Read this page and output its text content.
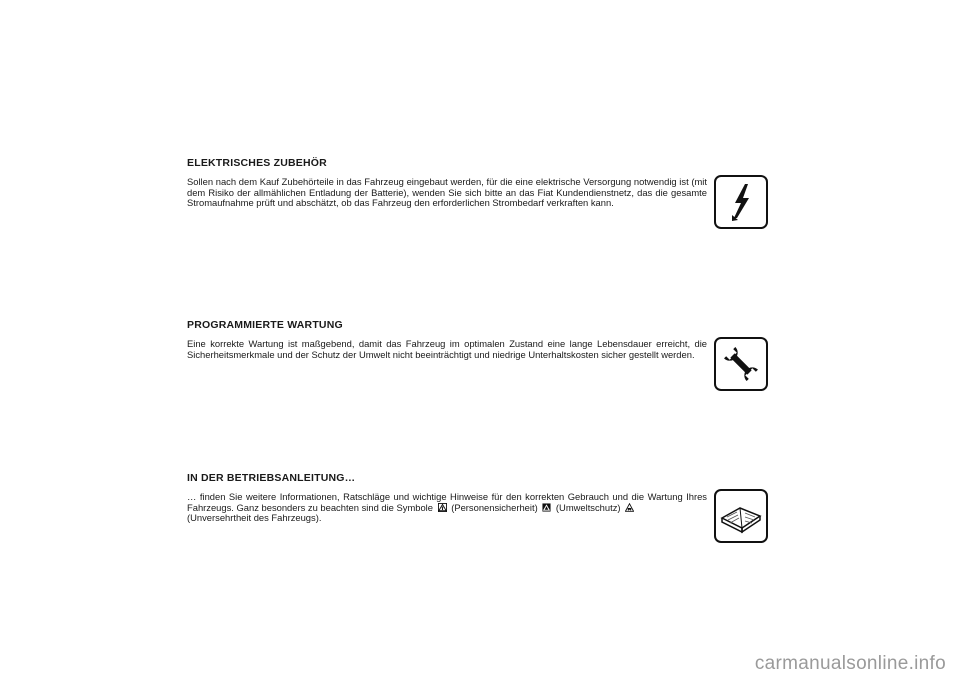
ELEKTRISCHES ZUBEHÖR

Sollen nach dem Kauf Zubehörteile in das Fahrzeug eingebaut werden, für die eine elektrische Versorgung notwendig ist (mit dem Risiko der allmählichen Entladung der Batterie), wenden Sie sich bitte an das Fiat Kundendienstnetz, das die gesamte Stromaufnahme prüft und abschätzt, ob das Fahrzeug den erforderlichen Strombedarf verkraften kann.

PROGRAMMIERTE WARTUNG

Eine korrekte Wartung ist maßgebend, damit das Fahrzeug im optimalen Zustand eine lange Lebensdauer erreicht, die Sicherheitsmerkmale und der Schutz der Umwelt nicht beeinträchtigt und niedrige Unterhaltskosten sicher gestellt werden.

IN DER BETRIEBSANLEITUNG…

… finden Sie weitere Informationen, Ratschläge und wichtige Hinweise für den korrekten Gebrauch und die Wartung Ihres Fahrzeugs. Ganz besonders zu beachten sind die Symbole (Personensicherheit) (Umweltschutz)
(Unversehrtheit des Fahrzeugs).

carmanualsonline.info
